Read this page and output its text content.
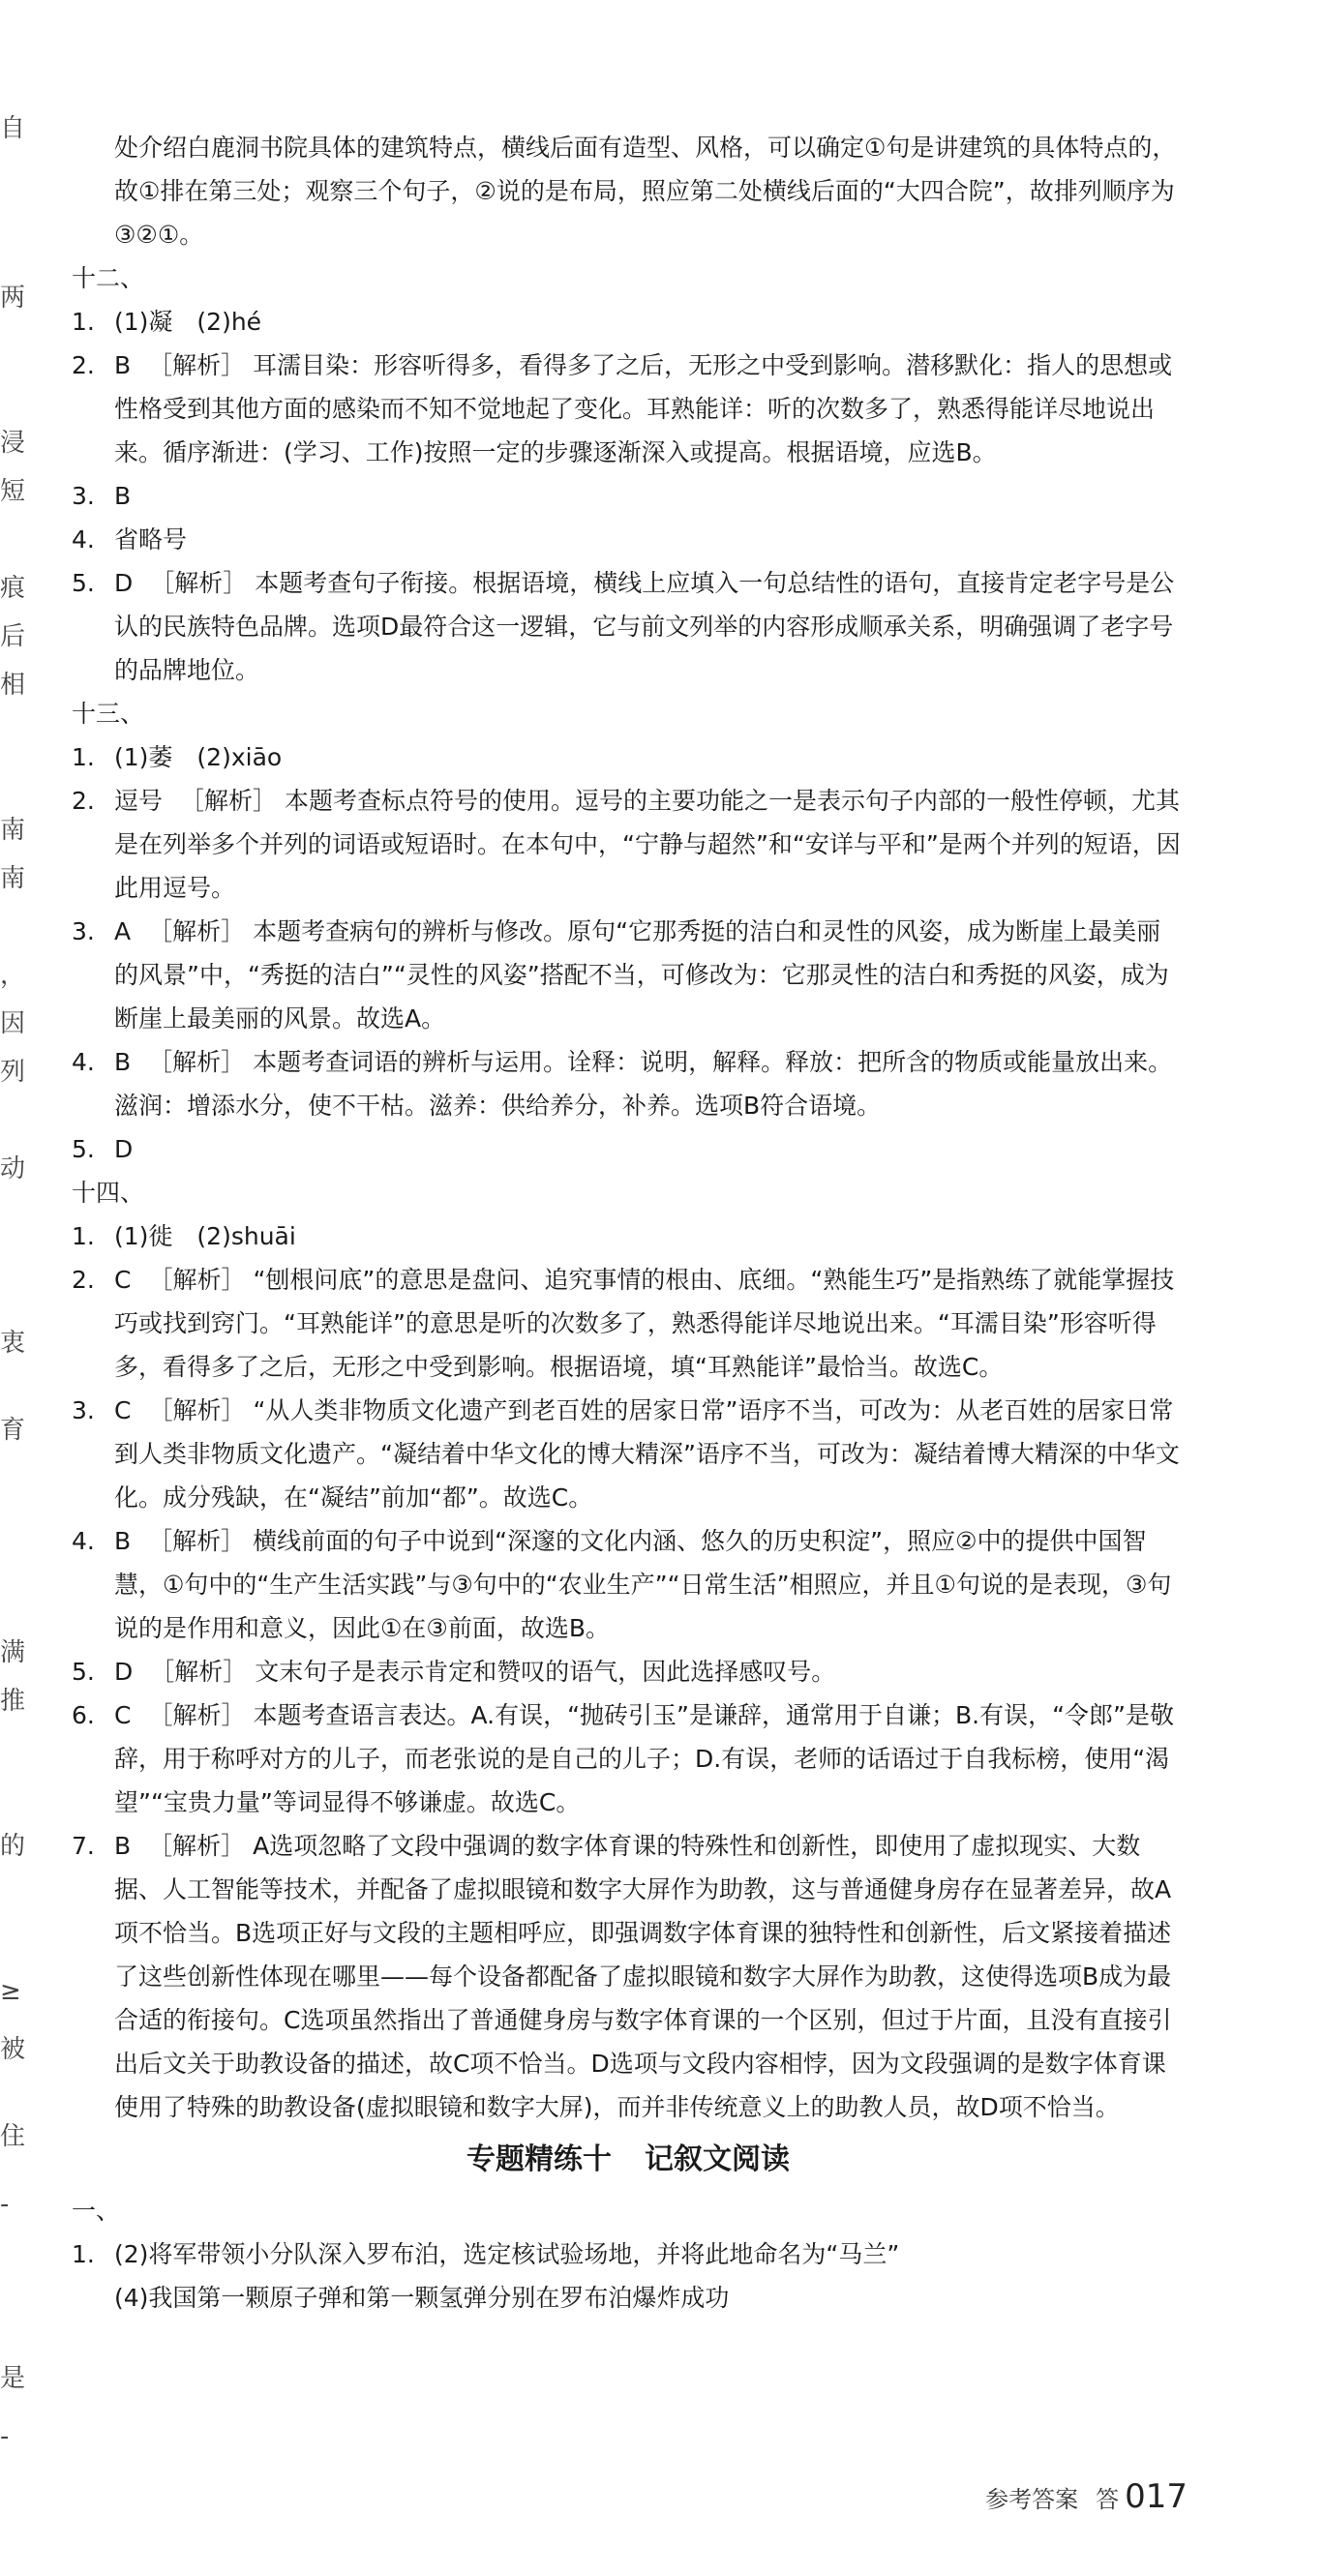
自
两
浸
短
痕
后
相
南
南
，
因
列
动
衷
育
满
推
的
≥
被
住
-
是
-
处介绍白鹿洞书院具体的建筑特点，横线后面有造型、风格，可以确定①句是讲建筑的具体特点的，故①排在第三处；观察三个句子，②说的是布局，照应第二处横线后面的“大四合院”，故排列顺序为③②①。
十二、
1. (1)凝　(2)hé
2. B ［解析］ 耳濡目染：形容听得多，看得多了之后，无形之中受到影响。潜移默化：指人的思想或性格受到其他方面的感染而不知不觉地起了变化。耳熟能详：听的次数多了，熟悉得能详尽地说出来。循序渐进：(学习、工作)按照一定的步骤逐渐深入或提高。根据语境，应选B。
3. B
4. 省略号
5. D ［解析］ 本题考查句子衔接。根据语境，横线上应填入一句总结性的语句，直接肯定老字号是公认的民族特色品牌。选项D最符合这一逻辑，它与前文列举的内容形成顺承关系，明确强调了老字号的品牌地位。
十三、
1. (1)萎　(2)xiāo
2. 逗号 ［解析］ 本题考查标点符号的使用。逗号的主要功能之一是表示句子内部的一般性停顿，尤其是在列举多个并列的词语或短语时。在本句中，“宁静与超然”和“安详与平和”是两个并列的短语，因此用逗号。
3. A ［解析］ 本题考查病句的辨析与修改。原句“它那秀挺的洁白和灵性的风姿，成为断崖上最美丽的风景”中，“秀挺的洁白”“灵性的风姿”搭配不当，可修改为：它那灵性的洁白和秀挺的风姿，成为断崖上最美丽的风景。故选A。
4. B ［解析］ 本题考查词语的辨析与运用。诠释：说明，解释。释放：把所含的物质或能量放出来。滋润：增添水分，使不干枯。滋养：供给养分，补养。选项B符合语境。
5. D
十四、
1. (1)徙　(2)shuāi
2. C ［解析］ “刨根问底”的意思是盘问、追究事情的根由、底细。“熟能生巧”是指熟练了就能掌握技巧或找到窍门。“耳熟能详”的意思是听的次数多了，熟悉得能详尽地说出来。“耳濡目染”形容听得多，看得多了之后，无形之中受到影响。根据语境，填“耳熟能详”最恰当。故选C。
3. C ［解析］ “从人类非物质文化遗产到老百姓的居家日常”语序不当，可改为：从老百姓的居家日常到人类非物质文化遗产。“凝结着中华文化的博大精深”语序不当，可改为：凝结着博大精深的中华文化。成分残缺，在“凝结”前加“都”。故选C。
4. B ［解析］ 横线前面的句子中说到“深邃的文化内涵、悠久的历史积淀”，照应②中的提供中国智慧，①句中的“生产生活实践”与③句中的“农业生产”“日常生活”相照应，并且①句说的是表现，③句说的是作用和意义，因此①在③前面，故选B。
5. D ［解析］ 文末句子是表示肯定和赞叹的语气，因此选择感叹号。
6. C ［解析］ 本题考查语言表达。A.有误，“抛砖引玉”是谦辞，通常用于自谦；B.有误，“令郎”是敬辞，用于称呼对方的儿子，而老张说的是自己的儿子；D.有误，老师的话语过于自我标榜，使用“渴望”“宝贵力量”等词显得不够谦虚。故选C。
7. B ［解析］ A选项忽略了文段中强调的数字体育课的特殊性和创新性，即使用了虚拟现实、大数据、人工智能等技术，并配备了虚拟眼镜和数字大屏作为助教，这与普通健身房存在显著差异，故A项不恰当。B选项正好与文段的主题相呼应，即强调数字体育课的独特性和创新性，后文紧接着描述了这些创新性体现在哪里——每个设备都配备了虚拟眼镜和数字大屏作为助教，这使得选项B成为最合适的衔接句。C选项虽然指出了普通健身房与数字体育课的一个区别，但过于片面，且没有直接引出后文关于助教设备的描述，故C项不恰当。D选项与文段内容相悖，因为文段强调的是数字体育课使用了特殊的助教设备(虚拟眼镜和数字大屏)，而并非传统意义上的助教人员，故D项不恰当。
专题精练十 记叙文阅读
一、
1. (2)将军带领小分队深入罗布泊，选定核试验场地，并将此地命名为“马兰”
(4)我国第一颗原子弹和第一颗氢弹分别在罗布泊爆炸成功
参考答案 答 017
